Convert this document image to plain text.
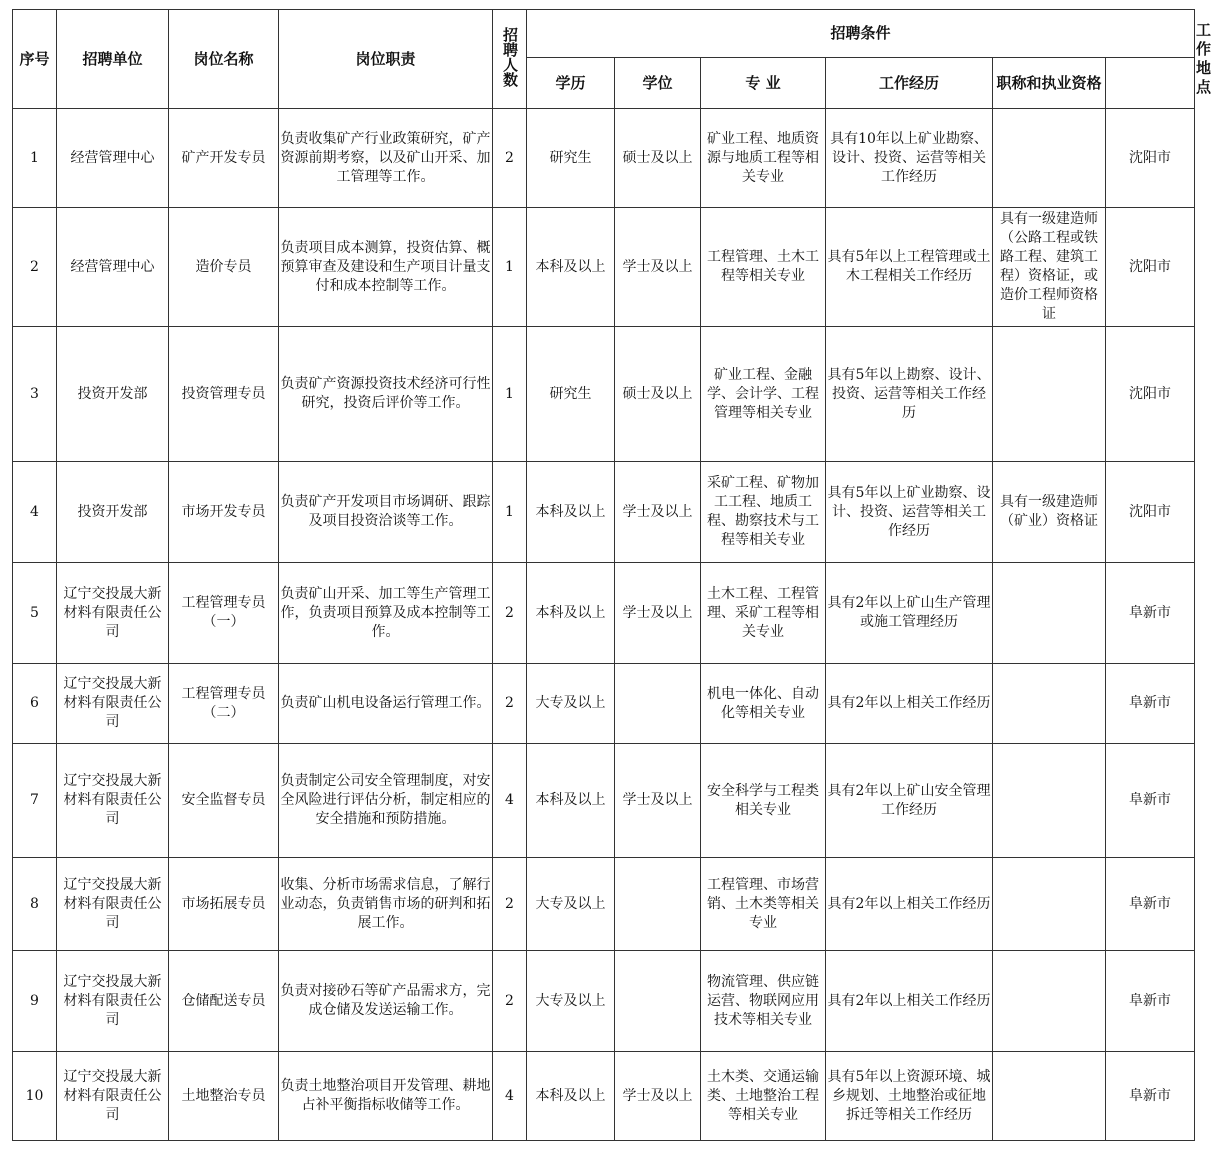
序号	招聘单位	岗位名称	岗位职责	招聘人数	招聘条件						工作地点
					学历	学位	专 业	工作经历	职称和执业资格		
1	经营管理中心	矿产开发专员	负责收集矿产行业政策研究，矿产资源前期考察，以及矿山开采、加工管理等工作。	2	研究生	硕士及以上	矿业工程、地质资源与地质工程等相关专业	具有10年以上矿业勘察、设计、投资、运营等相关工作经历		沈阳市	
2	经营管理中心	造价专员	负责项目成本测算，投资估算、概预算审查及建设和生产项目计量支付和成本控制等工作。	1	本科及以上	学士及以上	工程管理、土木工程等相关专业	具有5年以上工程管理或土木工程相关工作经历	具有一级建造师（公路工程或铁路工程、建筑工程）资格证，或造价工程师资格证	沈阳市	
3	投资开发部	投资管理专员	负责矿产资源投资技术经济可行性研究，投资后评价等工作。	1	研究生	硕士及以上	矿业工程、金融学、会计学、工程管理等相关专业	具有5年以上勘察、设计、投资、运营等相关工作经历		沈阳市	
4	投资开发部	市场开发专员	负责矿产开发项目市场调研、跟踪及项目投资洽谈等工作。	1	本科及以上	学士及以上	采矿工程、矿物加工工程、地质工程、勘察技术与工程等相关专业	具有5年以上矿业勘察、设计、投资、运营等相关工作经历	具有一级建造师（矿业）资格证	沈阳市	
5	辽宁交投晟大新材料有限责任公司	工程管理专员（一）	负责矿山开采、加工等生产管理工作，负责项目预算及成本控制等工作。	2	本科及以上	学士及以上	土木工程、工程管理、采矿工程等相关专业	具有2年以上矿山生产管理或施工管理经历		阜新市	
6	辽宁交投晟大新材料有限责任公司	工程管理专员（二）	负责矿山机电设备运行管理工作。	2	大专及以上		机电一体化、自动化等相关专业	具有2年以上相关工作经历		阜新市	
7	辽宁交投晟大新材料有限责任公司	安全监督专员	负责制定公司安全管理制度，对安全风险进行评估分析，制定相应的安全措施和预防措施。	4	本科及以上	学士及以上	安全科学与工程类相关专业	具有2年以上矿山安全管理工作经历		阜新市	
8	辽宁交投晟大新材料有限责任公司	市场拓展专员	收集、分析市场需求信息，了解行业动态，负责销售市场的研判和拓展工作。	2	大专及以上		工程管理、市场营销、土木类等相关专业	具有2年以上相关工作经历		阜新市	
9	辽宁交投晟大新材料有限责任公司	仓储配送专员	负责对接砂石等矿产品需求方，完成仓储及发送运输工作。	2	大专及以上		物流管理、供应链运营、物联网应用技术等相关专业	具有2年以上相关工作经历		阜新市	
10	辽宁交投晟大新材料有限责任公司	土地整治专员	负责土地整治项目开发管理、耕地占补平衡指标收储等工作。	4	本科及以上	学士及以上	土木类、交通运输类、土地整治工程等相关专业	具有5年以上资源环境、城乡规划、土地整治或征地拆迁等相关工作经历		阜新市	
